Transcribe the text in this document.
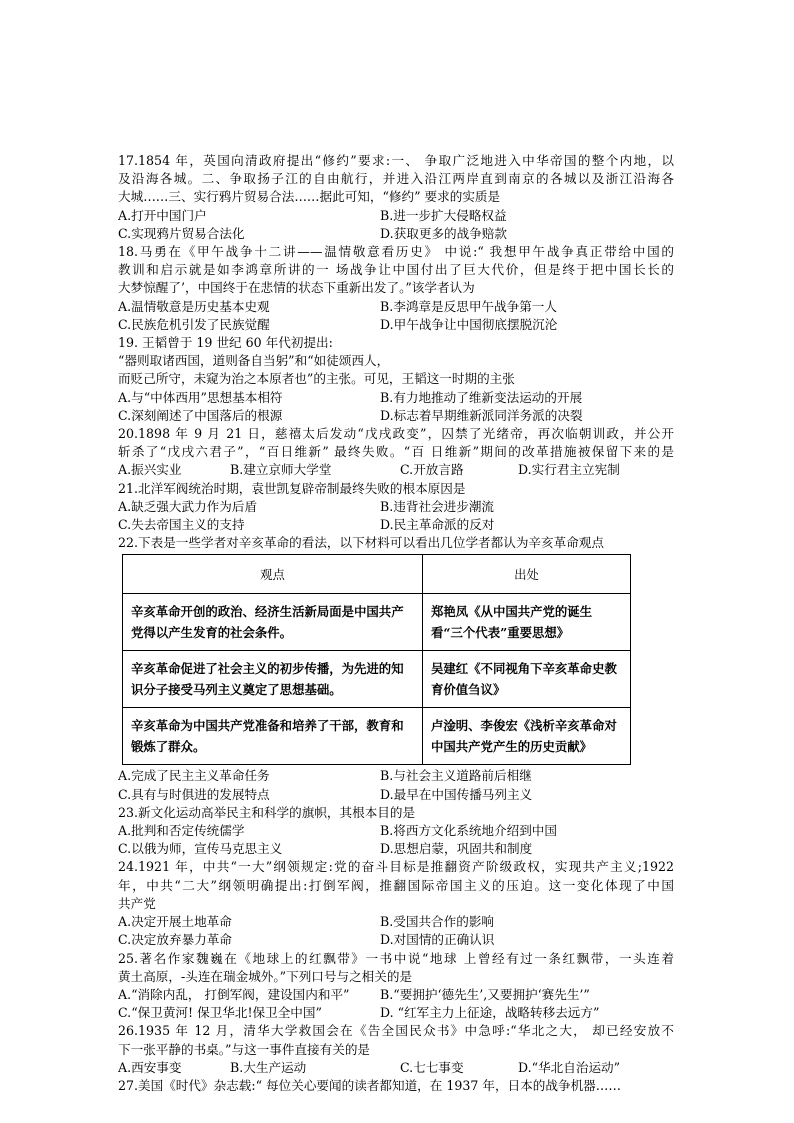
17.1854 年，英国向清政府提出“修约”要求:一、 争取广泛地进入中华帝国的整个内地，以
及沿海各城。二、争取扬子江的自由航行，并进入沿江两岸直到南京的各城以及浙江沿海各
大城……三、实行鸦片贸易合法……据此可知，“修约” 要求的实质是
A.打开中国门户	B.进一步扩大侵略权益
C.实现鸦片贸易合法化	D.获取更多的战争赔款
18.马勇在《甲午战争十二讲——温情敬意看历史》 中说:“ 我想甲午战争真正带给中国的
教训和启示就是如李鸿章所讲的一 场战争让中国付出了巨大代价，但是终于把中国长长的
大梦惊醒了’，中国终于在悲情的状态下重新出发了。”该学者认为
A.温情敬意是历史基本史观	B.李鸿章是反思甲午战争第一人
C.民族危机引发了民族觉醒	D.甲午战争让中国彻底摆脱沉沦
19. 王韬曾于 19 世纪 60 年代初提出:
“器则取诸西国，道则备自当躬”和“如徒颂西人，
而贬己所守，未窥为治之本原者也”的主张。可见，王韬这一时期的主张
A.与“中体西用”思想基本相符	B.有力地推动了维新变法运动的开展
C.深刻阐述了中国落后的根源	D.标志着早期维新派同洋务派的决裂
20.1898 年 9 月 21 日，慈禧太后发动“戊戌政变”，囚禁了光绪帝，再次临朝训政，并公开
斩杀了“戊戌六君子”，“百日维新” 最终失败。“百 日维新”期间的改革措施被保留下来的是
A.振兴实业	B.建立京师大学堂	C.开放言路	D.实行君主立宪制
21.北洋军阀统治时期，袁世凯复辟帝制最终失败的根本原因是
A.缺乏强大武力作为后盾	B.违背社会进步潮流
C.失去帝国主义的支持	D.民主革命派的反对
22.下表是一些学者对辛亥革命的看法，以下材料可以看出几位学者都认为辛亥革命观点
观点	出处
辛亥革命开创的政治、经济生活新局面是中国共产党得以产生发育的社会条件。	郑艳凤《从中国共产党的诞生看“三个代表”重要思想》
辛亥革命促进了社会主义的初步传播，为先进的知识分子接受马列主义奠定了思想基础。	吴建红《不同视角下辛亥革命史教育价值刍议》
辛亥革命为中国共产党准备和培养了干部，教育和锻炼了群众。	卢淦明、李俊宏《浅析辛亥革命对中国共产党产生的历史贡献》
A.完成了民主主义革命任务	B.与社会主义道路前后相继
C.具有与时俱进的发展特点	D.最早在中国传播马列主义
23.新文化运动高举民主和科学的旗帜，其根本目的是
A.批判和否定传统儒学	B.将西方文化系统地介绍到中国
C.以俄为师，宣传马克思主义	D.思想启蒙，巩固共和制度
24.1921 年，中共“一大”纲领规定:党的奋斗目标是推翻资产阶级政权，实现共产主义;1922
年，中共“二大”纲领明确提出:打倒军阀，推翻国际帝国主义的压迫。这一变化体现了中国
共产党
A.决定开展土地革命	B.受国共合作的影响
C.决定放弃暴力革命	D.对国情的正确认识
25.著名作家魏巍在《地球上的红飘带》一书中说“地球 上曾经有过一条红飘带，一头连着
黄土高原，-头连在瑞金城外。”下列口号与之相关的是
A.“消除内乱， 打倒军阀，建设国内和平”	B.“要拥护‘德先生’,又要拥护‘赛先生’”
C.“保卫黄河! 保卫华北!保卫全中国”	D. “红军主力上征途，战略转移去远方”
26.1935 年 12 月，清华大学救国会在《告全国民众书》中急呼:“华北之大， 却已经安放不
下一张平静的书桌。”与这一事件直接有关的是
A.西安事变	B.大生产运动	C.七七事变	D.“华北自治运动”
27.美国《时代》杂志载:“ 每位关心要闻的读者都知道，在 1937 年，日本的战争机器……
